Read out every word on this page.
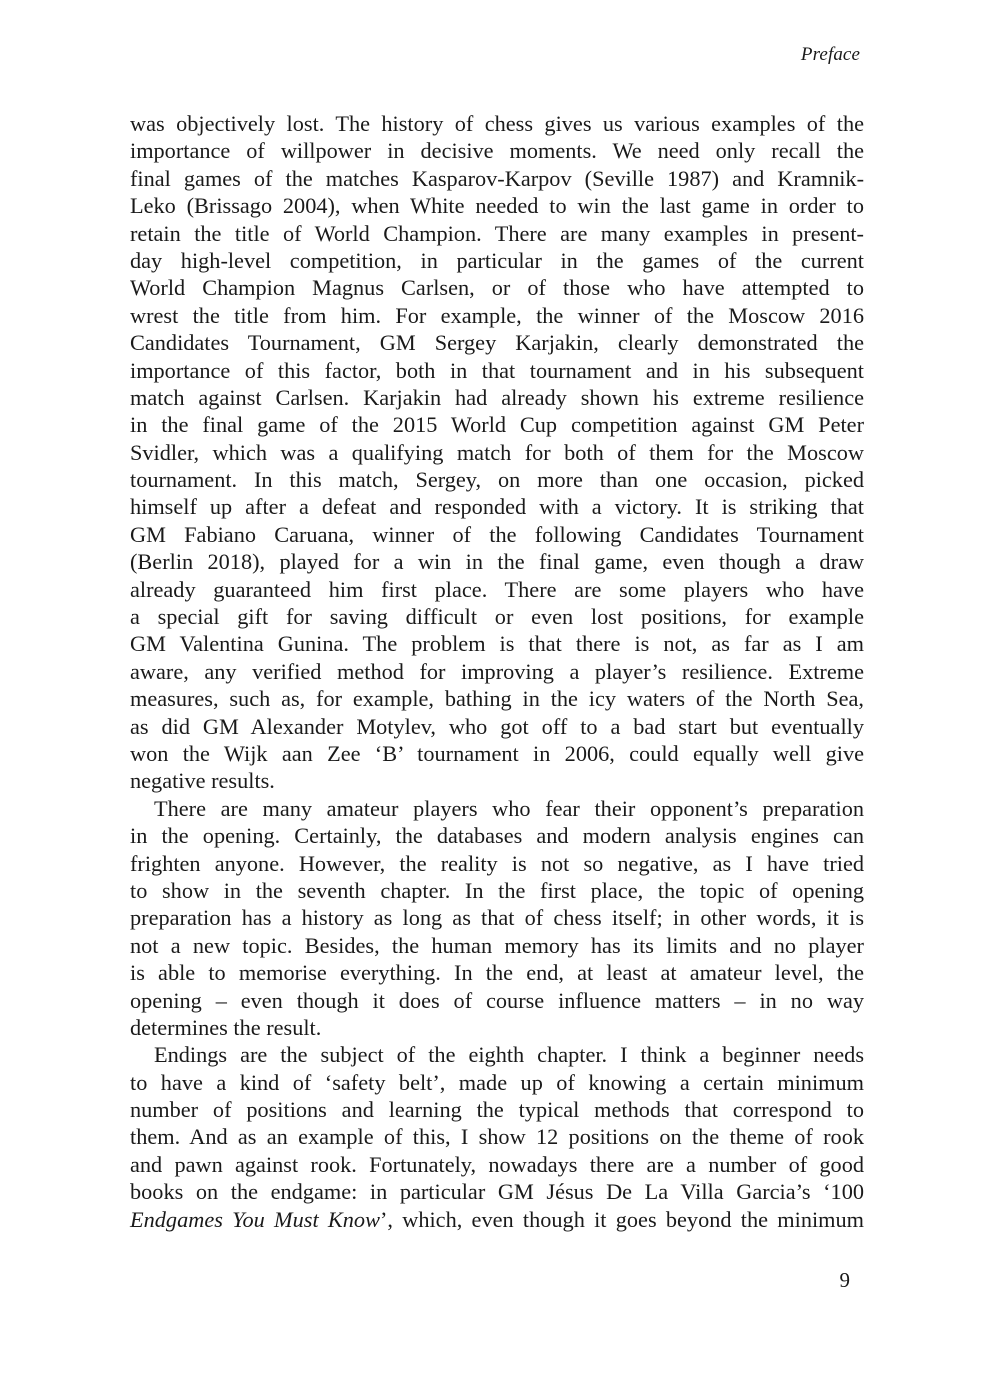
Preface
was objectively lost. The history of chess gives us various examples of the
importance of willpower in decisive moments. We need only recall the
final games of the matches Kasparov-Karpov (Seville 1987) and Kramnik-
Leko (Brissago 2004), when White needed to win the last game in order to
retain the title of World Champion. There are many examples in present-
day high-level competition, in particular in the games of the current
World Champion Magnus Carlsen, or of those who have attempted to
wrest the title from him. For example, the winner of the Moscow 2016
Candidates Tournament, GM Sergey Karjakin, clearly demonstrated the
importance of this factor, both in that tournament and in his subsequent
match against Carlsen. Karjakin had already shown his extreme resilience
in the final game of the 2015 World Cup competition against GM Peter
Svidler, which was a qualifying match for both of them for the Moscow
tournament. In this match, Sergey, on more than one occasion, picked
himself up after a defeat and responded with a victory. It is striking that
GM Fabiano Caruana, winner of the following Candidates Tournament
(Berlin 2018), played for a win in the final game, even though a draw
already guaranteed him first place. There are some players who have
a special gift for saving difficult or even lost positions, for example
GM Valentina Gunina. The problem is that there is not, as far as I am
aware, any verified method for improving a player’s resilience. Extreme
measures, such as, for example, bathing in the icy waters of the North Sea,
as did GM Alexander Motylev, who got off to a bad start but eventually
won the Wijk aan Zee ‘B’ tournament in 2006, could equally well give
negative results.
There are many amateur players who fear their opponent’s preparation
in the opening. Certainly, the databases and modern analysis engines can
frighten anyone. However, the reality is not so negative, as I have tried
to show in the seventh chapter. In the first place, the topic of opening
preparation has a history as long as that of chess itself; in other words, it is
not a new topic. Besides, the human memory has its limits and no player
is able to memorise everything. In the end, at least at amateur level, the
opening – even though it does of course influence matters – in no way
determines the result.
Endings are the subject of the eighth chapter. I think a beginner needs
to have a kind of ‘safety belt’, made up of knowing a certain minimum
number of positions and learning the typical methods that correspond to
them. And as an example of this, I show 12 positions on the theme of rook
and pawn against rook. Fortunately, nowadays there are a number of good
books on the endgame: in particular GM Jésus De La Villa Garcia’s ‘100
Endgames You Must Know’, which, even though it goes beyond the minimum
9
